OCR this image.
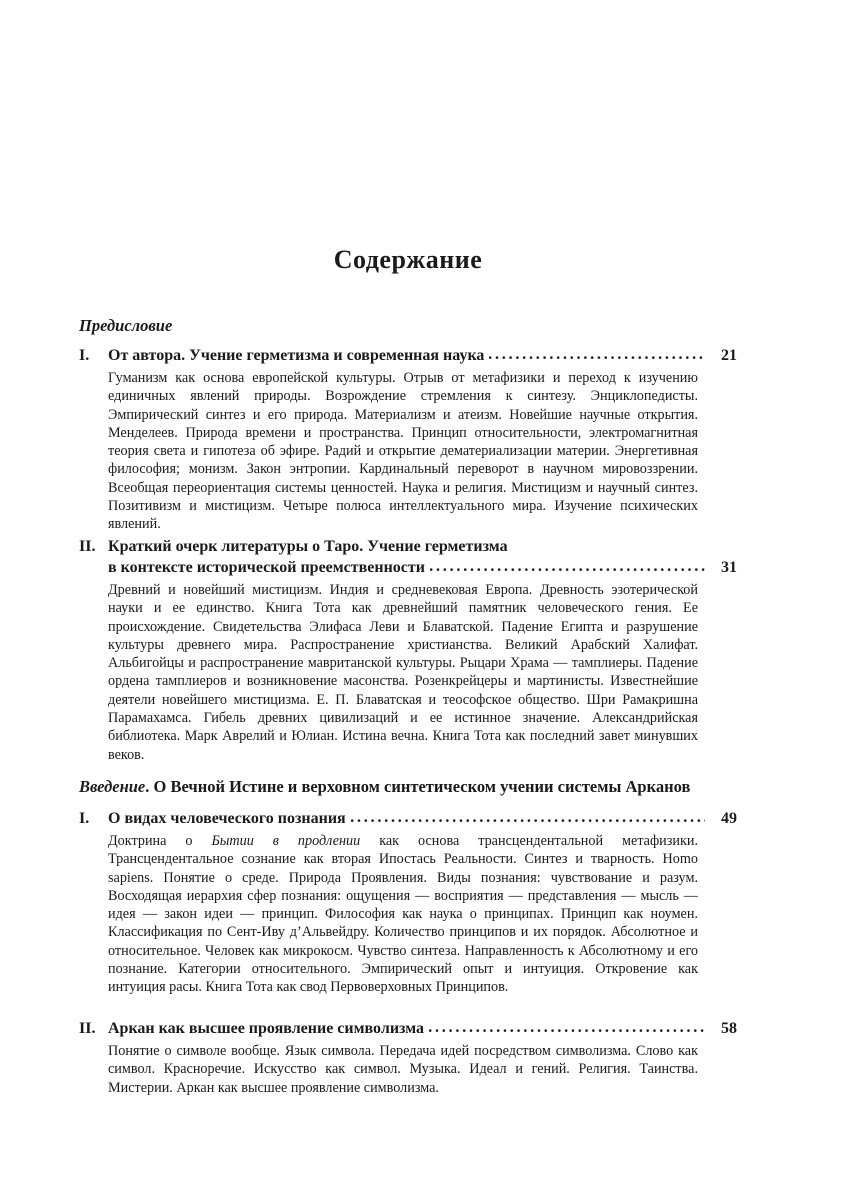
Содержание
Предисловие
I.	От автора. Учение герметизма и современная наука	21

Гуманизм как основа европейской культуры. Отрыв от метафизики и переход к изучению единичных явлений природы. Возрождение стремления к синтезу. Энциклопедисты. Эмпирический синтез и его природа. Материализм и атеизм. Новейшие научные открытия. Менделеев. Природа времени и пространства. Принцип относительности, электромагнитная теория света и гипотеза об эфире. Радий и открытие дематериализации материи. Энергетивная философия; монизм. Закон энтропии. Кардинальный переворот в научном мировоззрении. Всеобщая переориентация системы ценностей. Наука и религия. Мистицизм и научный синтез. Позитивизм и мистицизм. Четыре полюса интеллектуального мира. Изучение психических явлений.

II. Краткий очерк литературы о Таро. Учение герметизма
в контексте исторической преемственности	31

Древний и новейший мистицизм. Индия и средневековая Европа. Древность эзотерической науки и ее единство. Книга Тота как древнейший памятник человеческого гения. Ее происхождение. Свидетельства Элифаса Леви и Блаватской. Падение Египта и разрушение культуры древнего мира. Распространение христианства. Великий Арабский Халифат. Альбигойцы и распространение мавританской культуры. Рыцари Храма — тамплиеры. Падение ордена тамплиеров и возникновение масонства. Розенкрейцеры и мартинисты. Известнейшие деятели новейшего мистицизма. Е. П. Блаватская и теософское общество. Шри Рамакришна Парамахамса. Гибель древних цивилизаций и ее истинное значение. Александрийская библиотека. Марк Аврелий и Юлиан. Истина вечна. Книга Тота как последний завет минувших веков.

Введение. О Вечной Истине и верховном синтетическом учении системы Арканов
I.	О видах человеческого познания	49

Доктрина о Бытии в продлении как основа трансцендентальной метафизики. Трансцендентальное сознание как вторая Ипостась Реальности. Синтез и тварность. Homo sapiens. Понятие о среде. Природа Проявления. Виды познания: чувствование и разум. Восходящая иерархия сфер познания: ощущения — восприятия — представления — мысль — идея — закон идеи — принцип. Философия как наука о принципах. Принцип как ноумен. Классификация по Сент-Иву д’Альвейдру. Количество принципов и их порядок. Абсолютное и относительное. Человек как микрокосм. Чувство синтеза. Направленность к Абсолютному и его познание. Категории относительного. Эмпирический опыт и интуиция. Откровение как интуиция расы. Книга Тота как свод Первоверховных Принципов.

II. Аркан как высшее проявление символизма	58

Понятие о символе вообще. Язык символа. Передача идей посредством символизма. Слово как символ. Красноречие. Искусство как символ. Музыка. Идеал и гений. Религия. Таинства. Мистерии. Аркан как высшее проявление символизма.
